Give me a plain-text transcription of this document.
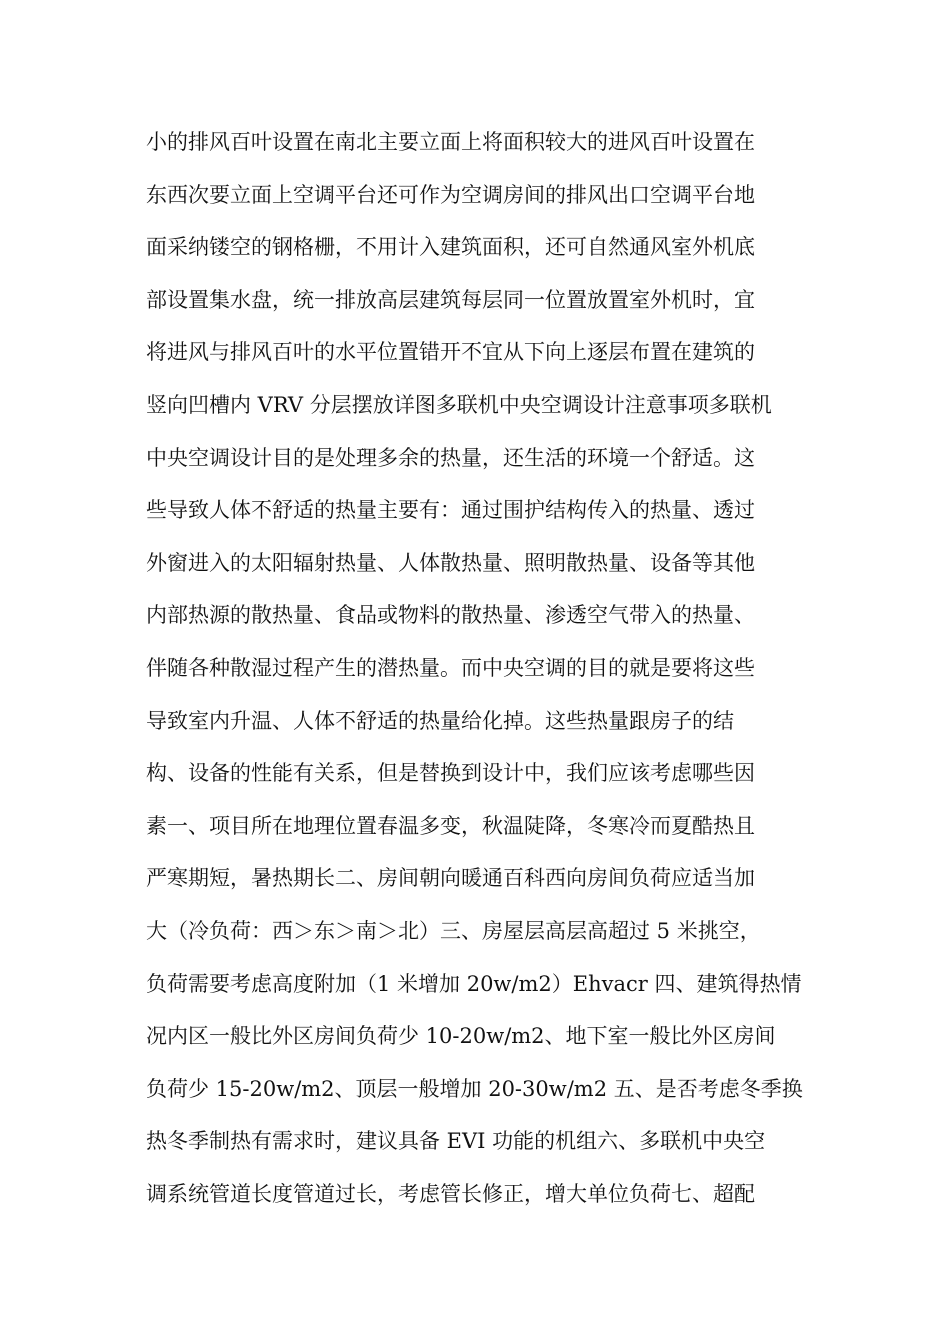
小的排风百叶设置在南北主要立面上将面积较大的进风百叶设置在
东西次要立面上空调平台还可作为空调房间的排风出口空调平台地
面采纳镂空的钢格栅，不用计入建筑面积，还可自然通风室外机底
部设置集水盘，统一排放高层建筑每层同一位置放置室外机时，宜
将进风与排风百叶的水平位置错开不宜从下向上逐层布置在建筑的
竖向凹槽内 VRV 分层摆放详图多联机中央空调设计注意事项多联机
中央空调设计目的是处理多余的热量，还生活的环境一个舒适。这
些导致人体不舒适的热量主要有：通过围护结构传入的热量、透过
外窗进入的太阳辐射热量、人体散热量、照明散热量、设备等其他
内部热源的散热量、食品或物料的散热量、渗透空气带入的热量、
伴随各种散湿过程产生的潜热量。而中央空调的目的就是要将这些
导致室内升温、人体不舒适的热量给化掉。这些热量跟房子的结
构、设备的性能有关系，但是替换到设计中，我们应该考虑哪些因
素一、项目所在地理位置春温多变，秋温陡降，冬寒冷而夏酷热且
严寒期短，暑热期长二、房间朝向暖通百科西向房间负荷应适当加
大（冷负荷：西＞东＞南＞北）三、房屋层高层高超过 5 米挑空，
负荷需要考虑高度附加（1 米增加 20w/m2）Ehvacr 四、建筑得热情
况内区一般比外区房间负荷少 10-20w/m2、地下室一般比外区房间
负荷少 15-20w/m2、顶层一般增加 20-30w/m2 五、是否考虑冬季换
热冬季制热有需求时，建议具备 EVI 功能的机组六、多联机中央空
调系统管道长度管道过长，考虑管长修正，增大单位负荷七、超配
